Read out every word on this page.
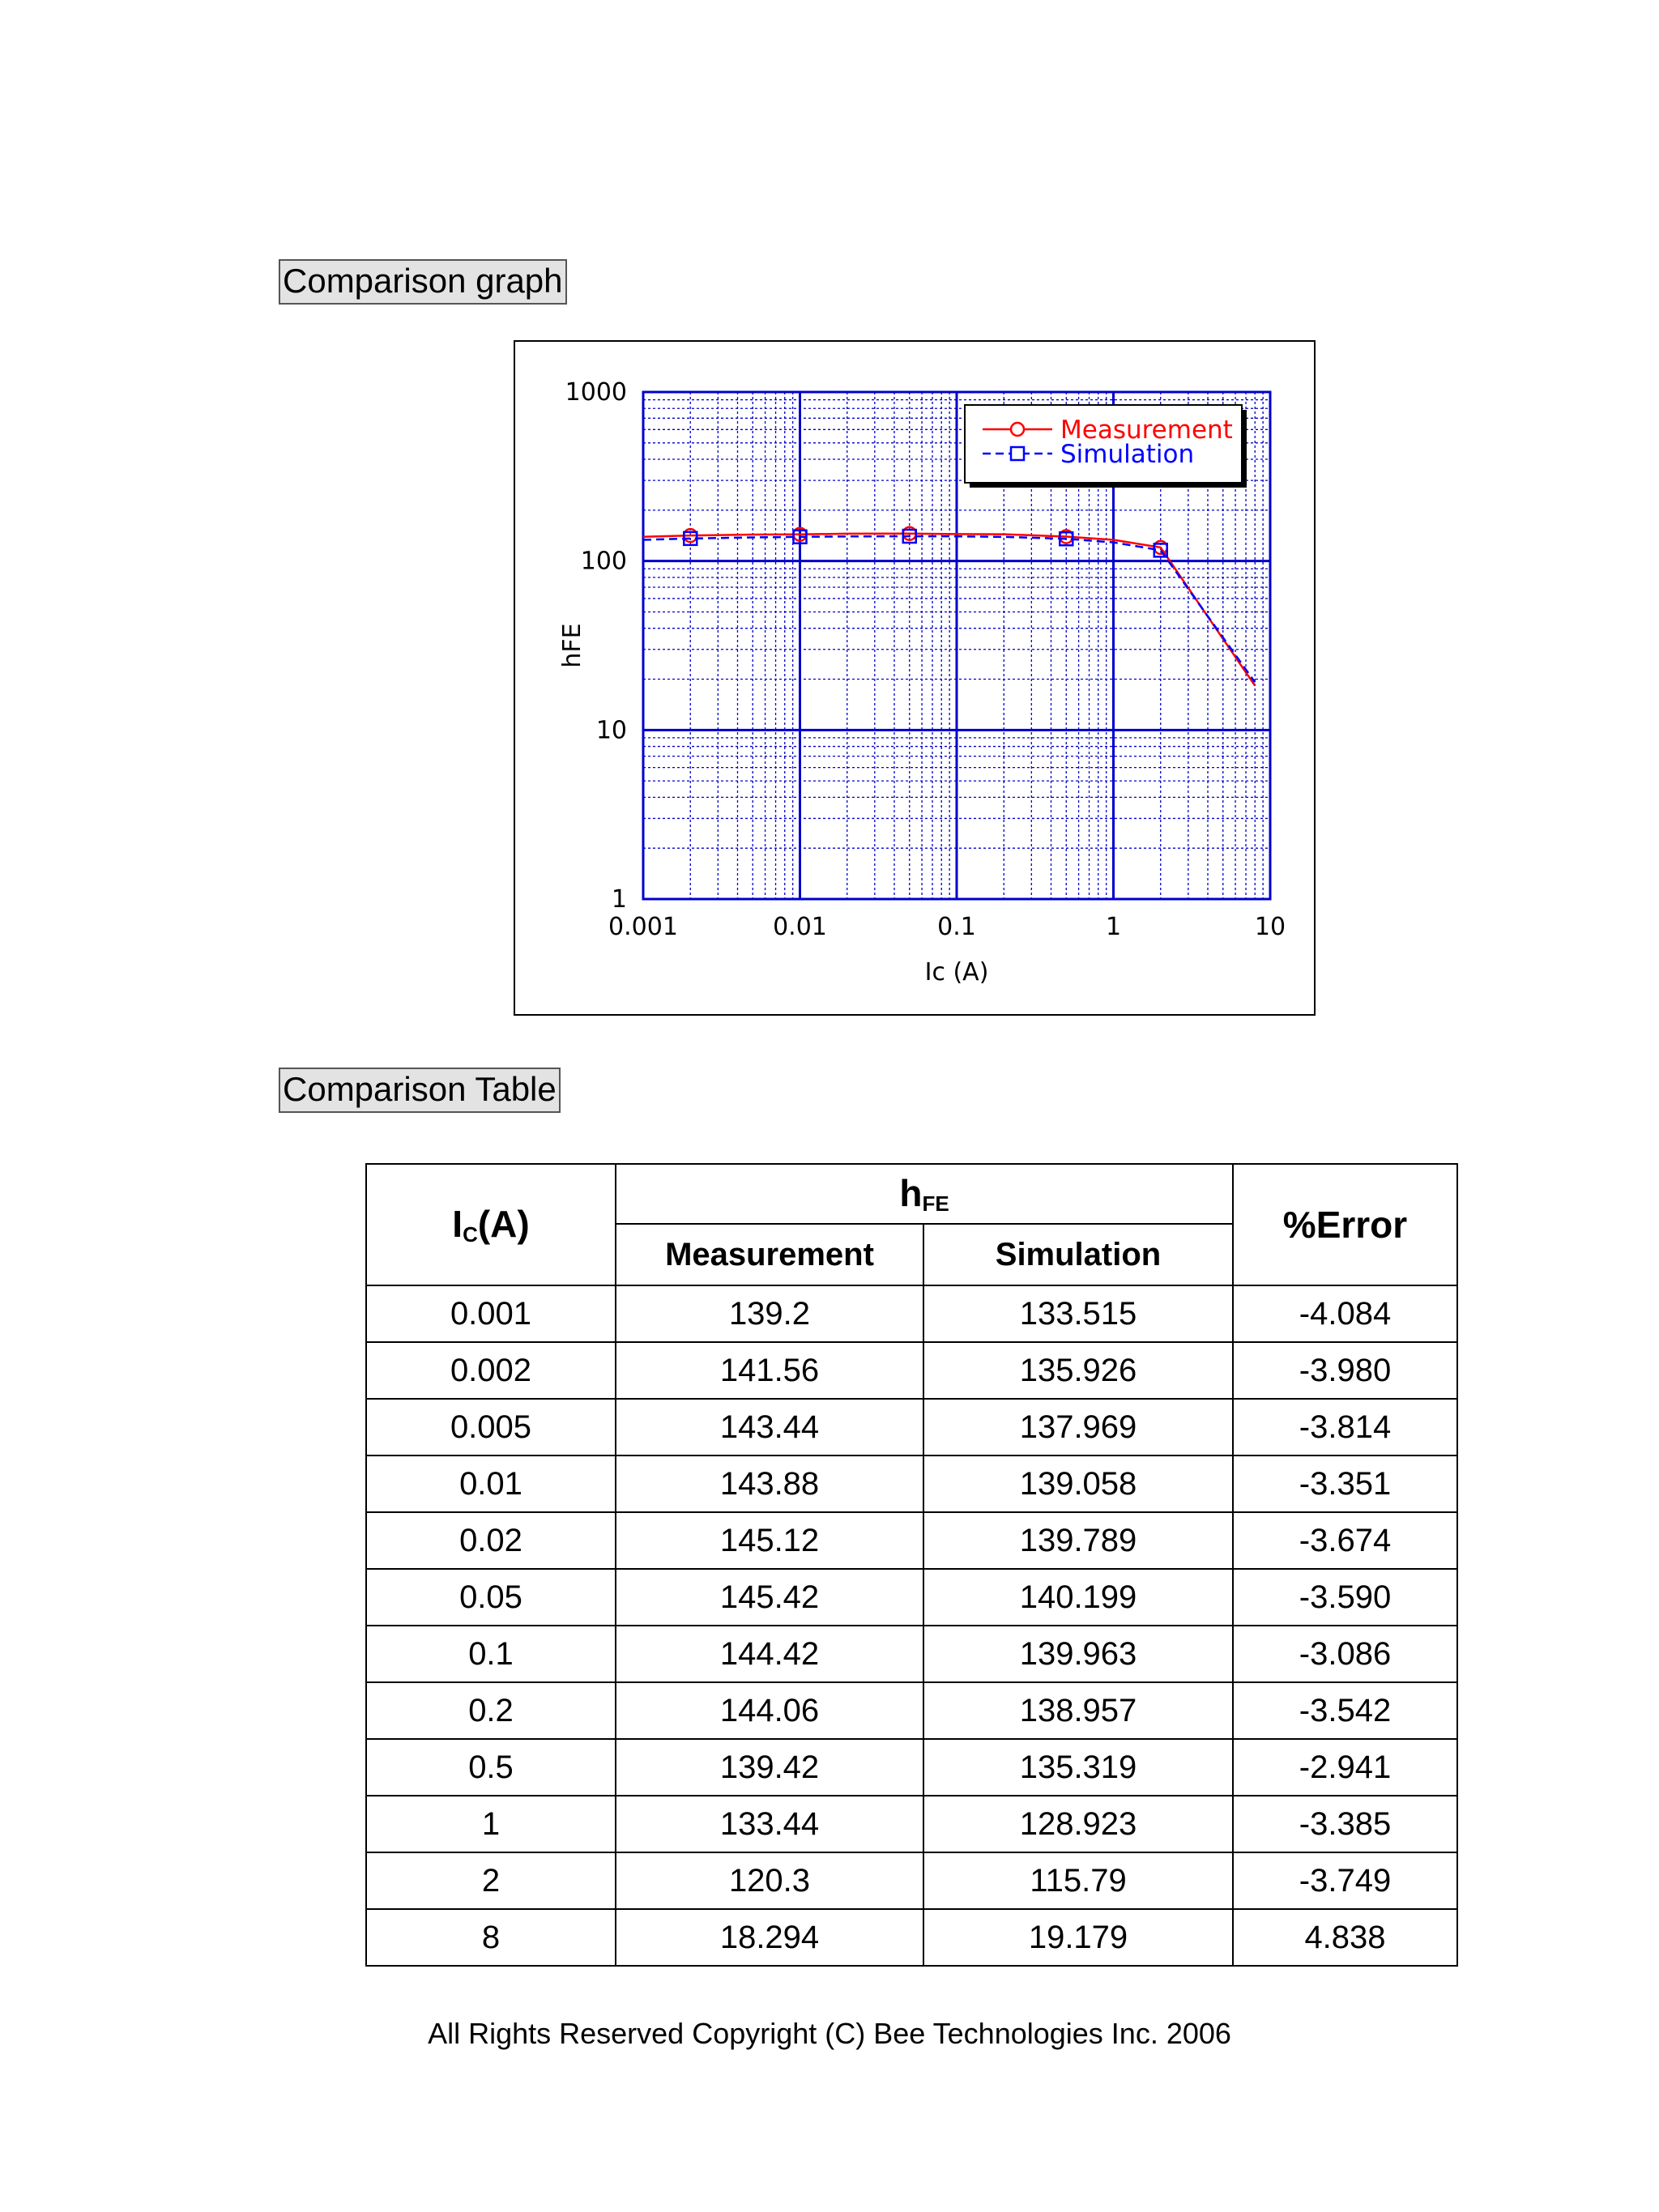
Comparison graph
0.001	0.01	0.1	1	10
1
10
100
1000
Ic (A)
hFE
Measurement
Simulation
Comparison Table
$I_C(A)$	$h_{FE}$		%Error
	Measurement	Simulation	
0.001	139.2	133.515	-4.084
0.002	141.56	135.926	-3.980
0.005	143.44	137.969	-3.814
0.01	143.88	139.058	-3.351
0.02	145.12	139.789	-3.674
0.05	145.42	140.199	-3.590
0.1	144.42	139.963	-3.086
0.2	144.06	138.957	-3.542
0.5	139.42	135.319	-2.941
1	133.44	128.923	-3.385
2	120.3	115.79	-3.749
8	18.294	19.179	4.838
All Rights Reserved Copyright (C) Bee Technologies Inc. 2006
